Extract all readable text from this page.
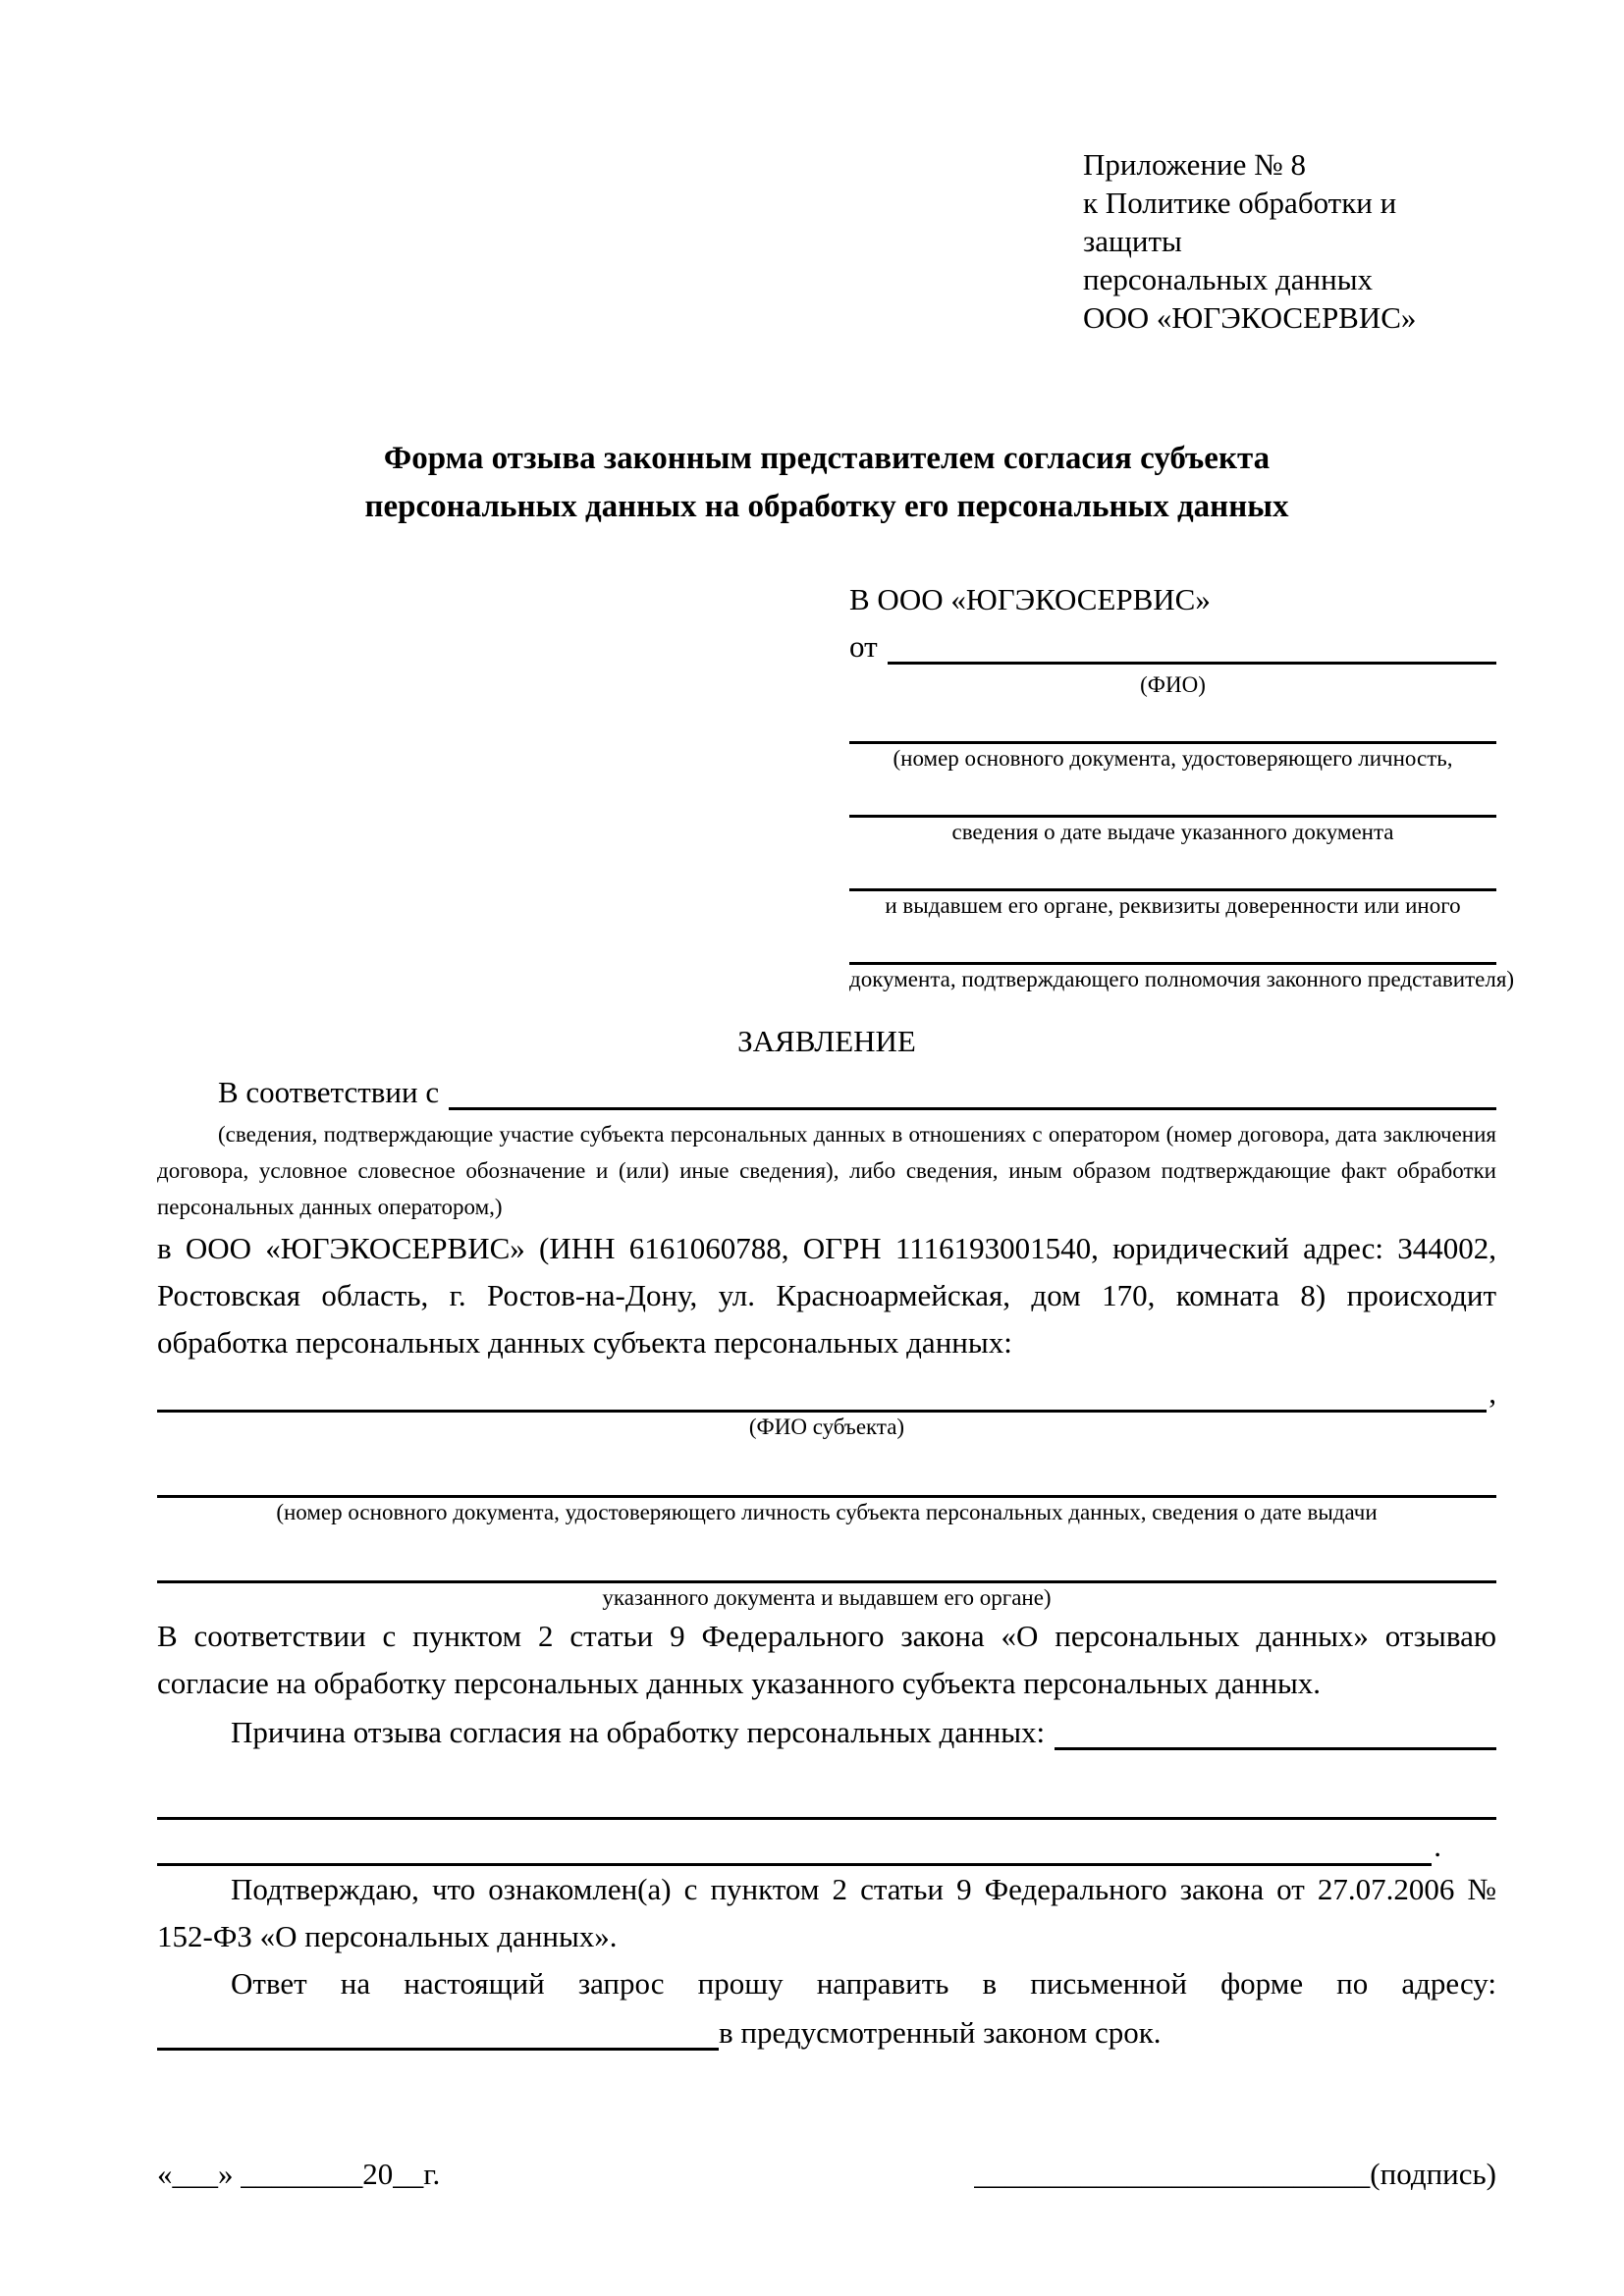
Приложение № 8
к Политике обработки и защиты
персональных данных
ООО «ЮГЭКОСЕРВИС»
Форма отзыва законным представителем согласия субъекта
персональных данных на обработку его персональных данных
В ООО «ЮГЭКОСЕРВИС»
от
(ФИО)
(номер основного документа, удостоверяющего личность,
сведения о дате выдаче указанного документа
и выдавшем его органе, реквизиты доверенности или иного
документа, подтверждающего полномочия законного представителя)
ЗАЯВЛЕНИЕ
В соответствии с
(сведения, подтверждающие участие субъекта персональных данных в отношениях с оператором (номер договора, дата заключения договора, условное словесное обозначение и (или) иные сведения), либо сведения, иным образом подтверждающие факт обработки персональных данных оператором,)
в ООО «ЮГЭКОСЕРВИС» (ИНН 6161060788, ОГРН 1116193001540, юридический адрес: 344002, Ростовская область, г. Ростов-на-Дону, ул. Красноармейская, дом 170, комната 8) происходит обработка персональных данных субъекта персональных данных:
,
(ФИО субъекта)
(номер основного документа, удостоверяющего личность субъекта персональных данных, сведения о дате выдачи
указанного документа и выдавшем его органе)
В соответствии с пунктом 2 статьи 9 Федерального закона «О персональных данных» отзываю согласие на обработку персональных данных указанного субъекта персональных данных.
Причина отзыва согласия на обработку персональных данных:
.
Подтверждаю, что ознакомлен(а) с пунктом 2 статьи 9 Федерального закона от 27.07.2006 № 152-ФЗ «О персональных данных».
Ответ на настоящий запрос прошу направить в письменной форме по адресу:
в предусмотренный законом срок.
«___» ________20__г.	__________________________(подпись)
